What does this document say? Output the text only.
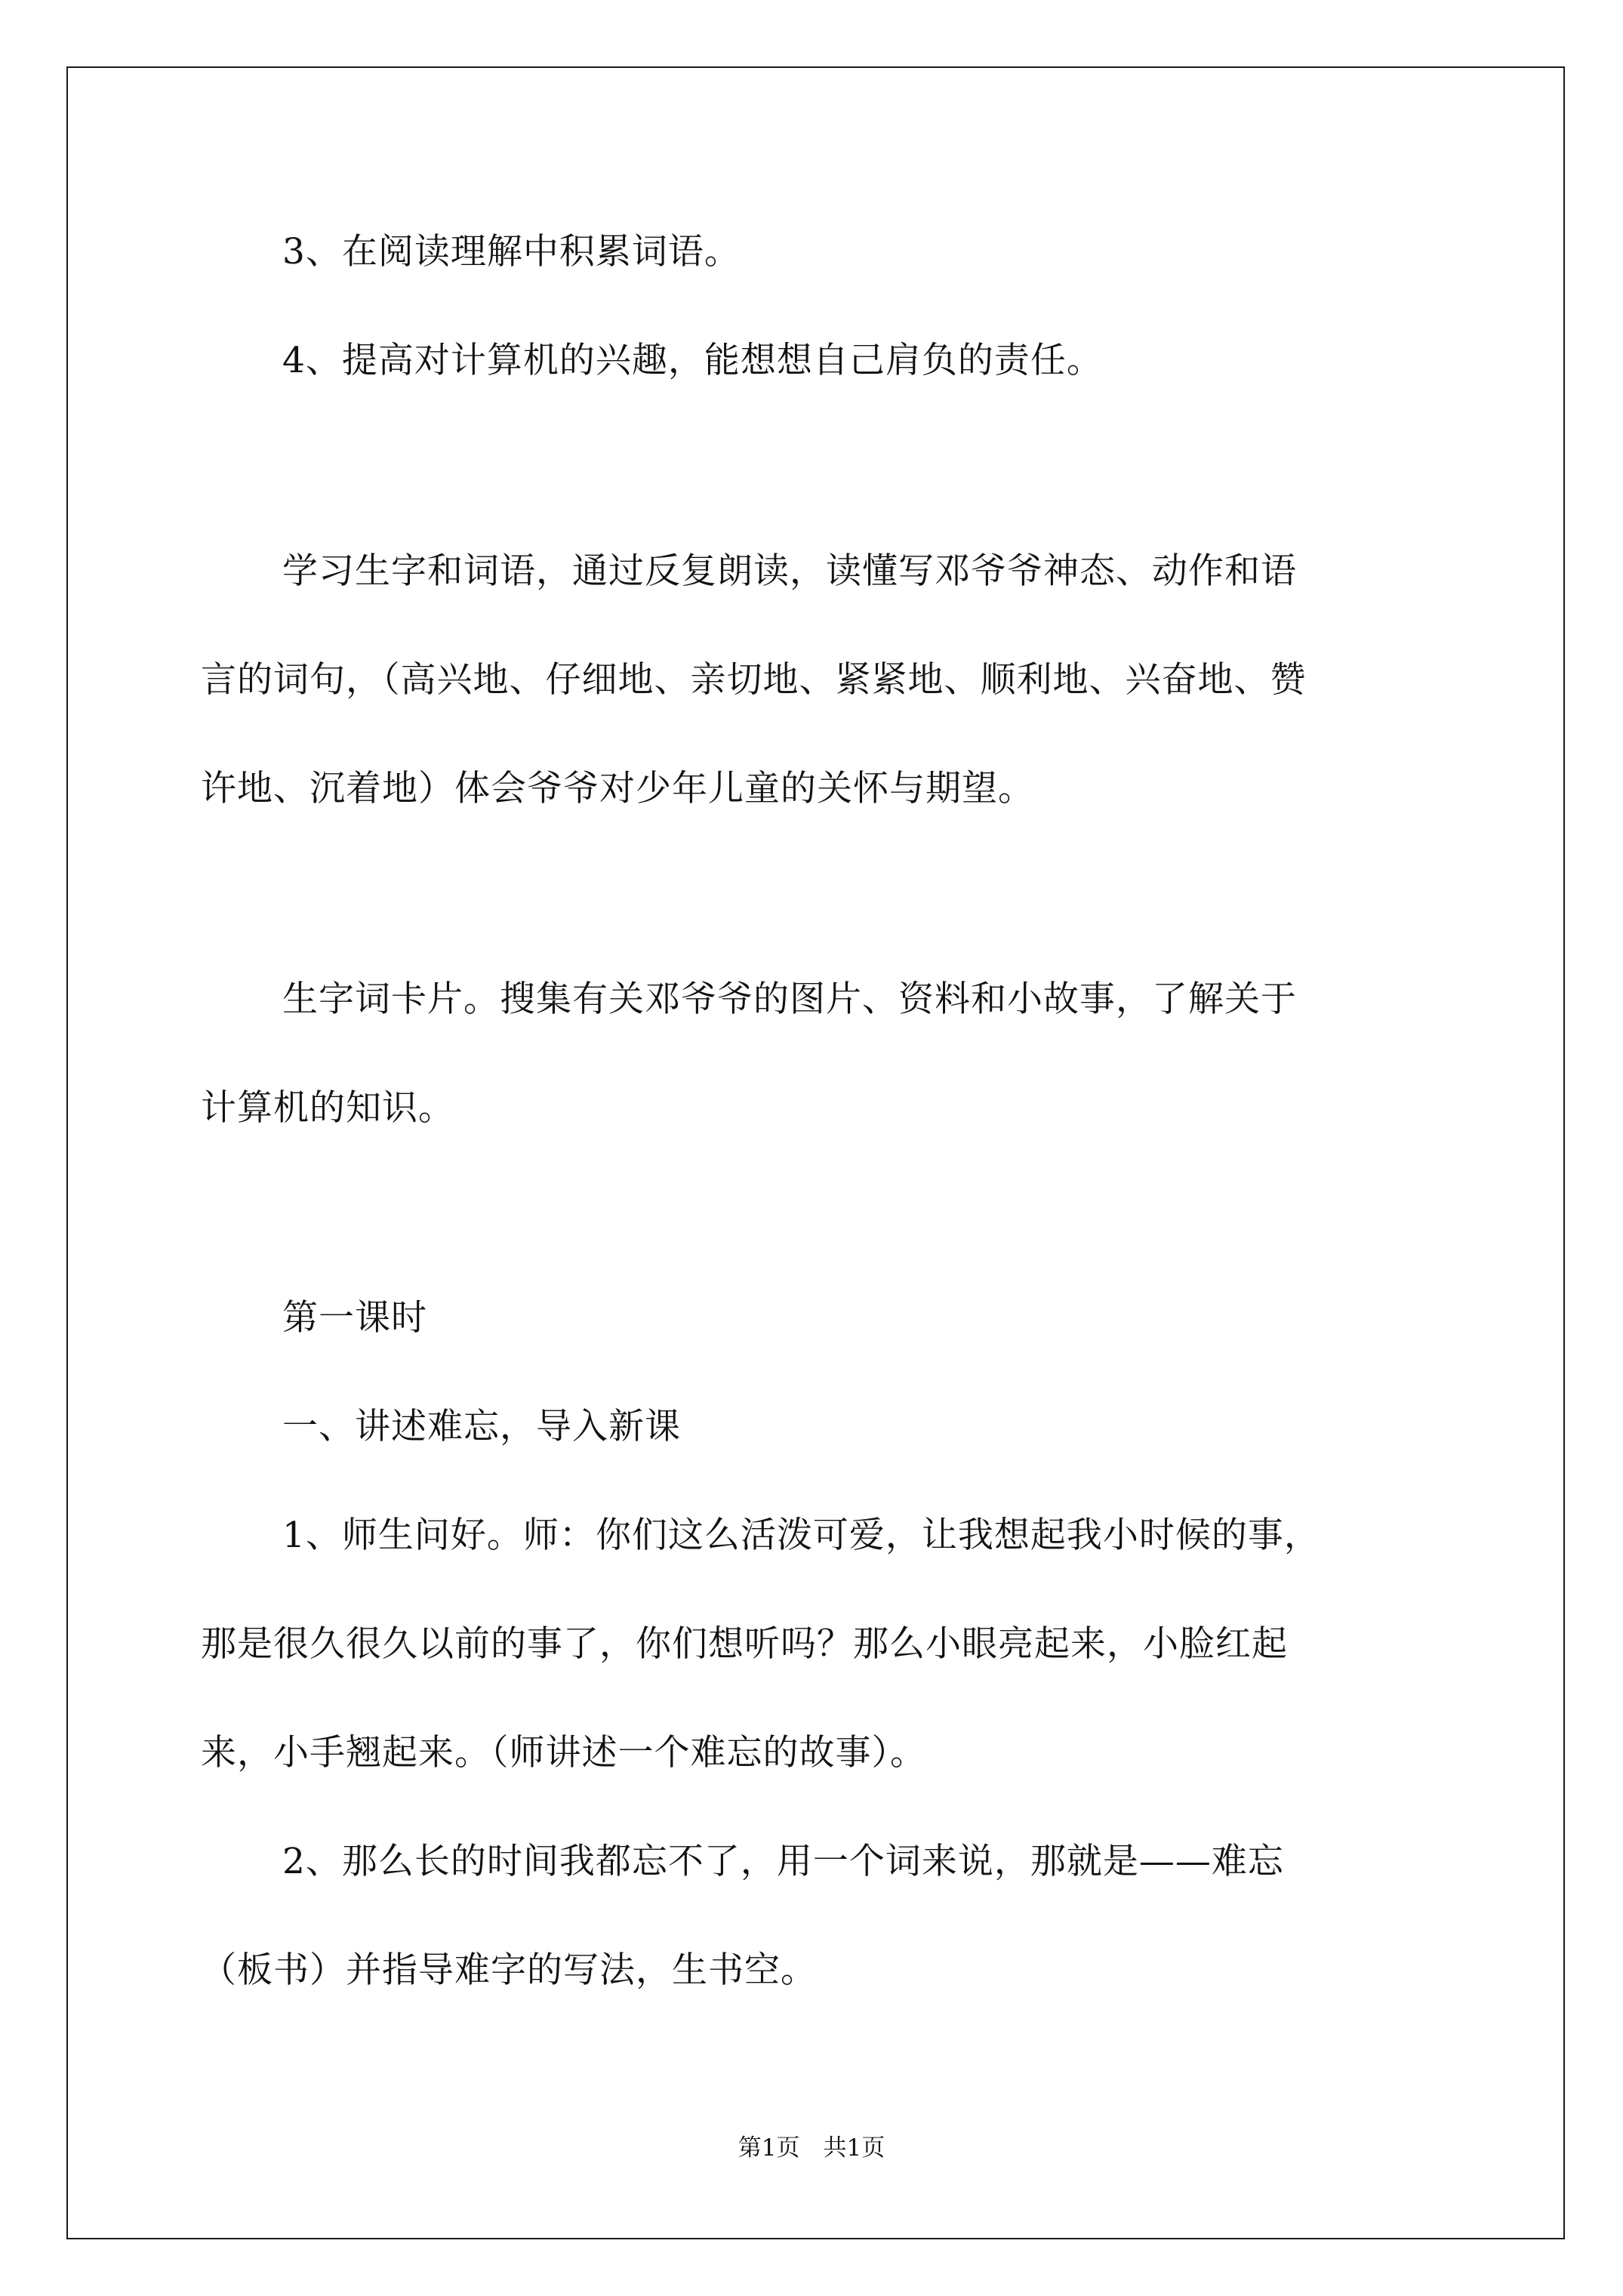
3、在阅读理解中积累词语。

4、提高对计算机的兴趣，能想想自己肩负的责任。

学习生字和词语，通过反复朗读，读懂写邓爷爷神态、动作和语

言的词句，（高兴地、仔细地、亲切地、紧紧地、顺利地、兴奋地、赞

许地、沉着地）体会爷爷对少年儿童的关怀与期望。

生字词卡片。搜集有关邓爷爷的图片、资料和小故事，了解关于

计算机的知识。

第一课时

一、讲述难忘，导入新课

1、师生问好。师：你们这么活泼可爱，让我想起我小时候的事，

那是很久很久以前的事了，你们想听吗？那么小眼亮起来，小脸红起

来，小手翘起来。（师讲述一个难忘的故事）。

2、那么长的时间我都忘不了，用一个词来说，那就是——难忘

（板书）并指导难字的写法，生书空。

第1页　共1页
